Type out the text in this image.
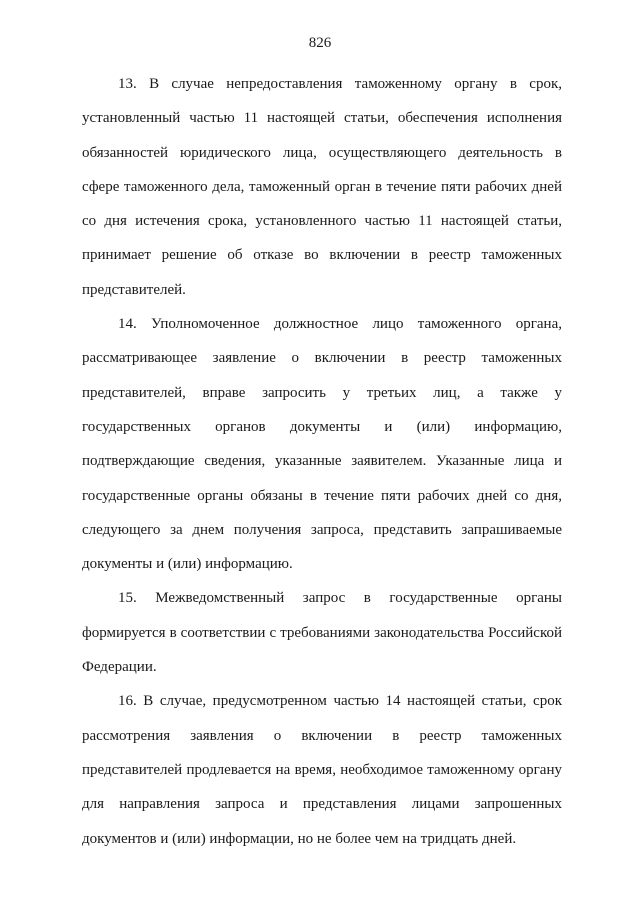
826

13. В случае непредоставления таможенному органу в срок, установленный частью 11 настоящей статьи, обеспечения исполнения обязанностей юридического лица, осуществляющего деятельность в сфере таможенного дела, таможенный орган в течение пяти рабочих дней со дня истечения срока, установленного частью 11 настоящей статьи, принимает решение об отказе во включении в реестр таможенных представителей.

14. Уполномоченное должностное лицо таможенного органа, рассматривающее заявление о включении в реестр таможенных представителей, вправе запросить у третьих лиц, а также у государственных органов документы и (или) информацию, подтверждающие сведения, указанные заявителем. Указанные лица и государственные органы обязаны в течение пяти рабочих дней со дня, следующего за днем получения запроса, представить запрашиваемые документы и (или) информацию.

15. Межведомственный запрос в государственные органы формируется в соответствии с требованиями законодательства Российской Федерации.

16. В случае, предусмотренном частью 14 настоящей статьи, срок рассмотрения заявления о включении в реестр таможенных представителей продлевается на время, необходимое таможенному органу для направления запроса и представления лицами запрошенных документов и (или) информации, но не более чем на тридцать дней.
